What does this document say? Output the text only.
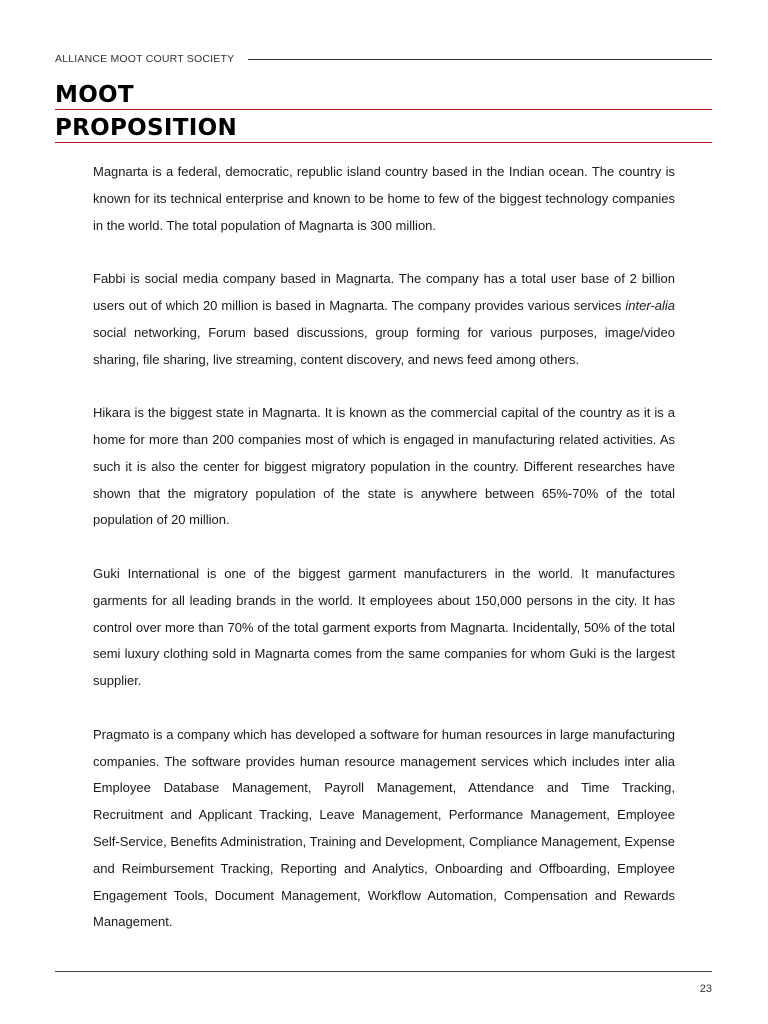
ALLIANCE MOOT COURT SOCIETY
MOOT
PROPOSITION

Magnarta is a federal, democratic, republic island country based in the Indian ocean. The country is known for its technical enterprise and known to be home to few of the biggest technology companies in the world. The total population of Magnarta is 300 million.

Fabbi is social media company based in Magnarta. The company has a total user base of 2 billion users out of which 20 million is based in Magnarta. The company provides various services inter-alia social networking, Forum based discussions, group forming for various purposes, image/video sharing, file sharing, live streaming, content discovery, and news feed among others.

Hikara is the biggest state in Magnarta. It is known as the commercial capital of the country as it is a home for more than 200 companies most of which is engaged in manufacturing related activities. As such it is also the center for biggest migratory population in the country. Different researches have shown that the migratory population of the state is anywhere between 65%-70% of the total population of 20 million.

Guki International is one of the biggest garment manufacturers in the world. It manufactures garments for all leading brands in the world. It employees about 150,000 persons in the city. It has control over more than 70% of the total garment exports from Magnarta. Incidentally, 50% of the total semi luxury clothing sold in Magnarta comes from the same companies for whom Guki is the largest supplier.

Pragmato is a company which has developed a software for human resources in large manufacturing companies. The software provides human resource management services which includes inter alia Employee Database Management, Payroll Management, Attendance and Time Tracking, Recruitment and Applicant Tracking, Leave Management, Performance Management, Employee Self-Service, Benefits Administration, Training and Development, Compliance Management, Expense and Reimbursement Tracking, Reporting and Analytics, Onboarding and Offboarding, Employee Engagement Tools, Document Management, Workflow Automation, Compensation and Rewards Management.

23
